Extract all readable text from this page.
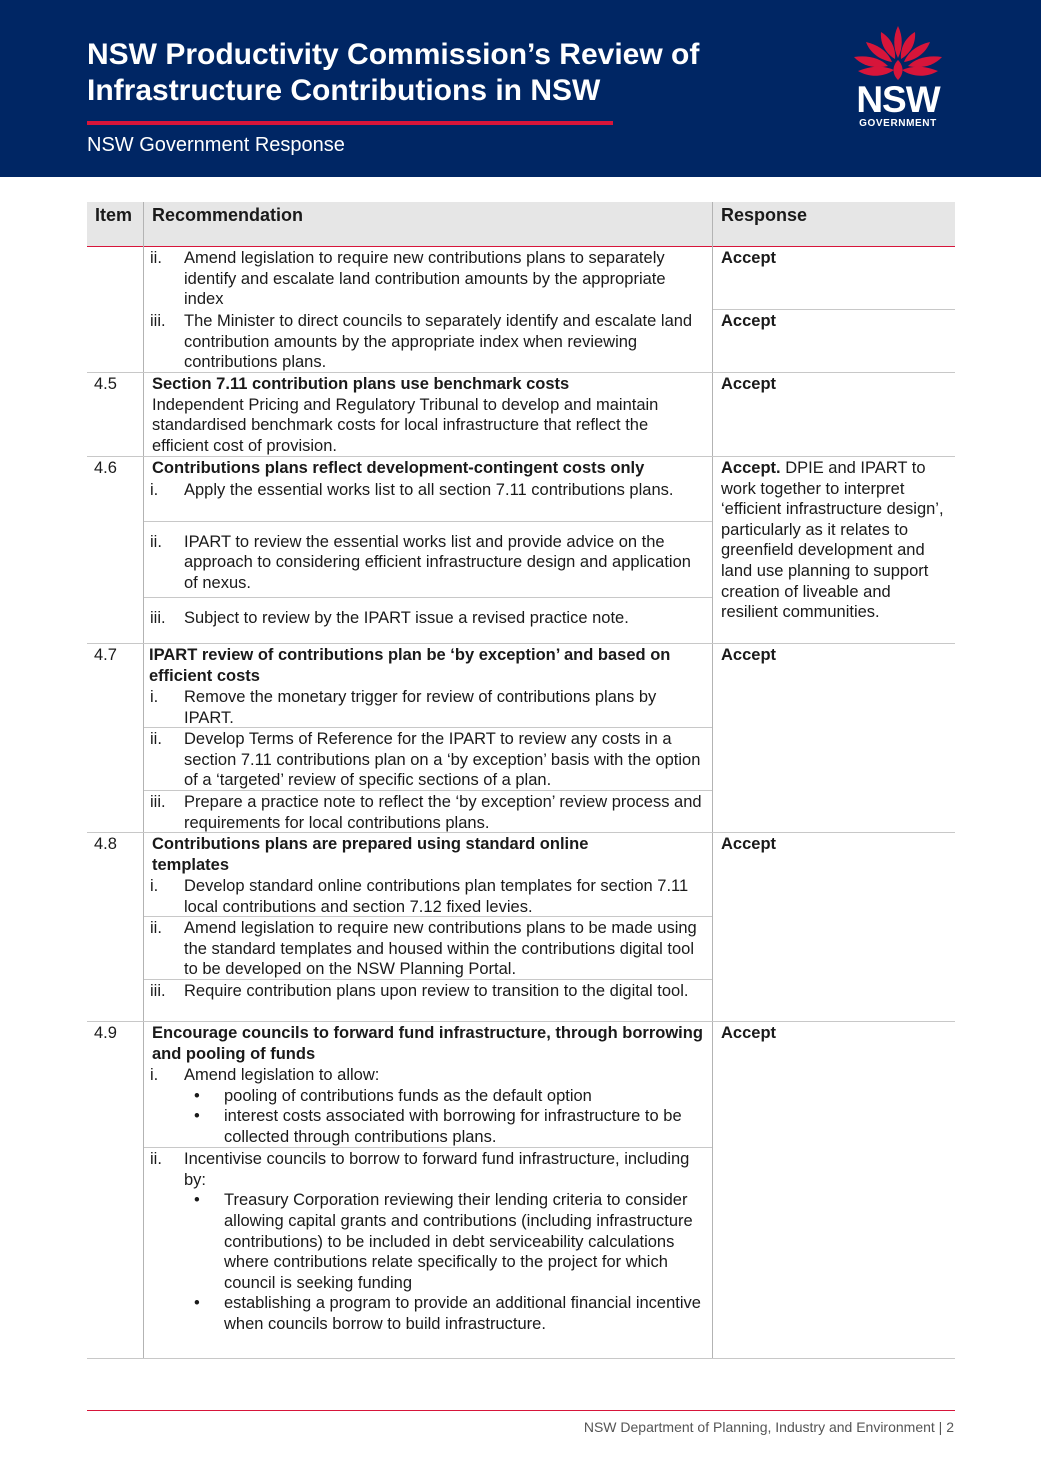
NSW Productivity Commission’s Review of
Infrastructure Contributions in NSW
NSW Government Response
NSW
GOVERNMENT
Item Recommendation	Response
ii.	Amend legislation to require new contributions plans to separately identify and escalate land contribution amounts by the appropriate index
Accept
iii.	The Minister to direct councils to separately identify and escalate land contribution amounts by the appropriate index when reviewing contributions plans.
Accept
4.5	Section 7.11 contribution plans use benchmark costs
Independent Pricing and Regulatory Tribunal to develop and maintain standardised benchmark costs for local infrastructure that reflect the efficient cost of provision.
Accept
4.6	Contributions plans reflect development-contingent costs only
i.	Apply the essential works list to all section 7.11 contributions plans.
ii.	IPART to review the essential works list and provide advice on the approach to considering efficient infrastructure design and application of nexus.
iii.	Subject to review by the IPART issue a revised practice note.
Accept. DPIE and IPART to work together to interpret ‘efficient infrastructure design’, particularly as it relates to greenfield development and land use planning to support creation of liveable and resilient communities.
4.7	IPART review of contributions plan be ‘by exception’ and based on efficient costs
i.	Remove the monetary trigger for review of contributions plans by IPART.
ii.	Develop Terms of Reference for the IPART to review any costs in a section 7.11 contributions plan on a ‘by exception’ basis with the option of a ‘targeted’ review of specific sections of a plan.
iii.	Prepare a practice note to reflect the ‘by exception’ review process and requirements for local contributions plans.
Accept
4.8	Contributions plans are prepared using standard online templates
i.	Develop standard online contributions plan templates for section 7.11 local contributions and section 7.12 fixed levies.
ii.	Amend legislation to require new contributions plans to be made using the standard templates and housed within the contributions digital tool to be developed on the NSW Planning Portal.
iii.	Require contribution plans upon review to transition to the digital tool.
Accept
4.9	Encourage councils to forward fund infrastructure, through borrowing and pooling of funds
i.	Amend legislation to allow:
•	pooling of contributions funds as the default option
•	interest costs associated with borrowing for infrastructure to be collected through contributions plans.
ii.	Incentivise councils to borrow to forward fund infrastructure, including by:
•	Treasury Corporation reviewing their lending criteria to consider allowing capital grants and contributions (including infrastructure contributions) to be included in debt serviceability calculations where contributions relate specifically to the project for which council is seeking funding
•	establishing a program to provide an additional financial incentive when councils borrow to build infrastructure.
Accept
NSW Department of Planning, Industry and Environment | 2
